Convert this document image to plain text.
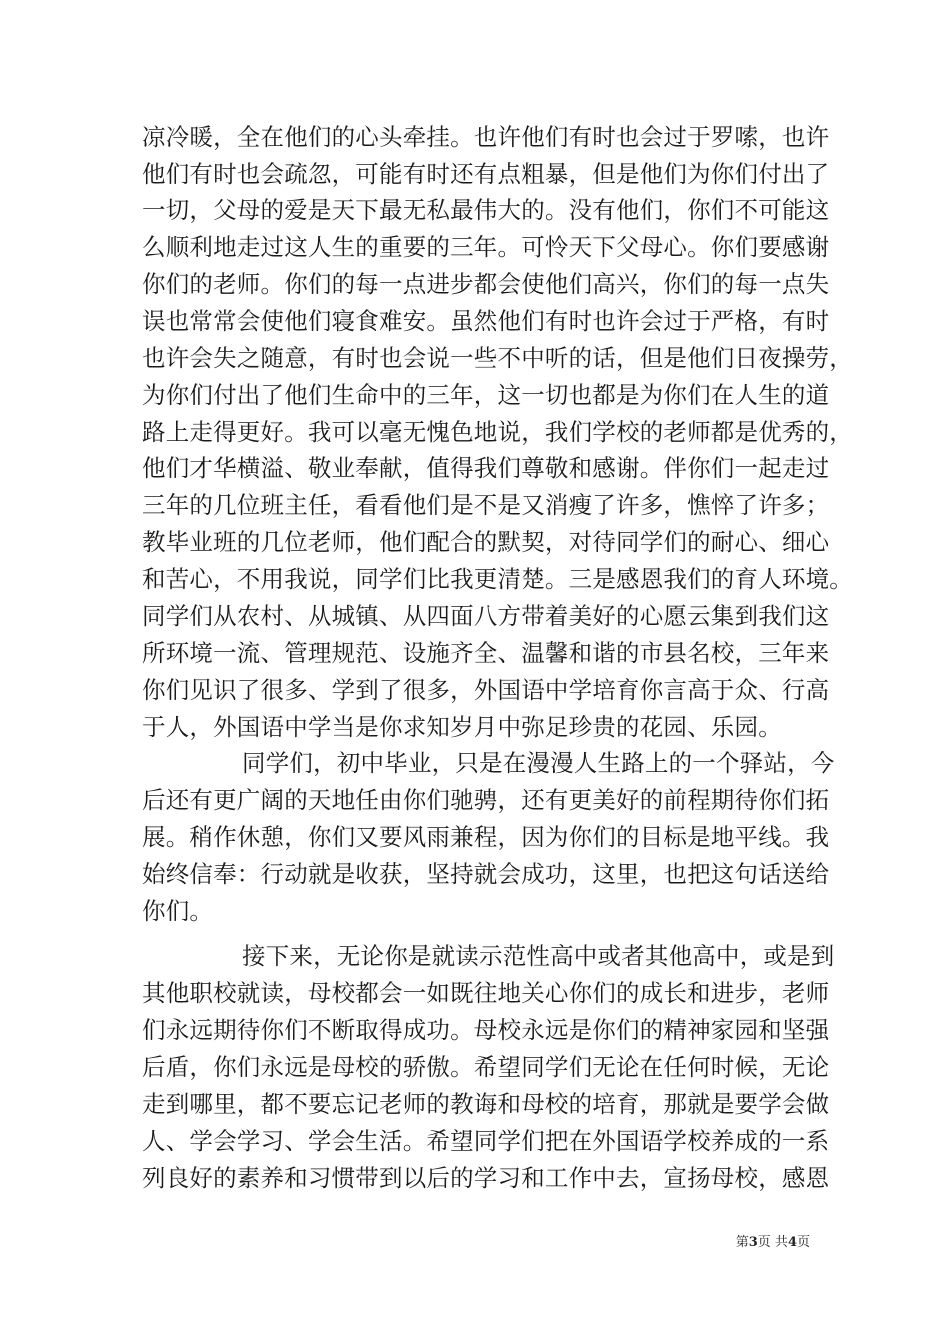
凉冷暖，全在他们的心头牵挂。也许他们有时也会过于罗嗦，也许
他们有时也会疏忽，可能有时还有点粗暴，但是他们为你们付出了
一切，父母的爱是天下最无私最伟大的。没有他们，你们不可能这
么顺利地走过这人生的重要的三年。可怜天下父母心。你们要感谢
你们的老师。你们的每一点进步都会使他们高兴，你们的每一点失
误也常常会使他们寝食难安。虽然他们有时也许会过于严格，有时
也许会失之随意，有时也会说一些不中听的话，但是他们日夜操劳，
为你们付出了他们生命中的三年，这一切也都是为你们在人生的道
路上走得更好。我可以毫无愧色地说，我们学校的老师都是优秀的，
他们才华横溢、敬业奉献，值得我们尊敬和感谢。伴你们一起走过
三年的几位班主任，看看他们是不是又消瘦了许多，憔悴了许多；
教毕业班的几位老师，他们配合的默契，对待同学们的耐心、细心
和苦心，不用我说，同学们比我更清楚。三是感恩我们的育人环境。
同学们从农村、从城镇、从四面八方带着美好的心愿云集到我们这
所环境一流、管理规范、设施齐全、温馨和谐的市县名校，三年来
你们见识了很多、学到了很多，外国语中学培育你言高于众、行高
于人，外国语中学当是你求知岁月中弥足珍贵的花园、乐园。
同学们，初中毕业，只是在漫漫人生路上的一个驿站，今
后还有更广阔的天地任由你们驰骋，还有更美好的前程期待你们拓
展。稍作休憩，你们又要风雨兼程，因为你们的目标是地平线。我
始终信奉：行动就是收获，坚持就会成功，这里，也把这句话送给
你们。
接下来，无论你是就读示范性高中或者其他高中，或是到
其他职校就读，母校都会一如既往地关心你们的成长和进步，老师
们永远期待你们不断取得成功。母校永远是你们的精神家园和坚强
后盾，你们永远是母校的骄傲。希望同学们无论在任何时候，无论
走到哪里，都不要忘记老师的教诲和母校的培育，那就是要学会做
人、学会学习、学会生活。希望同学们把在外国语学校养成的一系
列良好的素养和习惯带到以后的学习和工作中去，宣扬母校，感恩
第3页 共4页
